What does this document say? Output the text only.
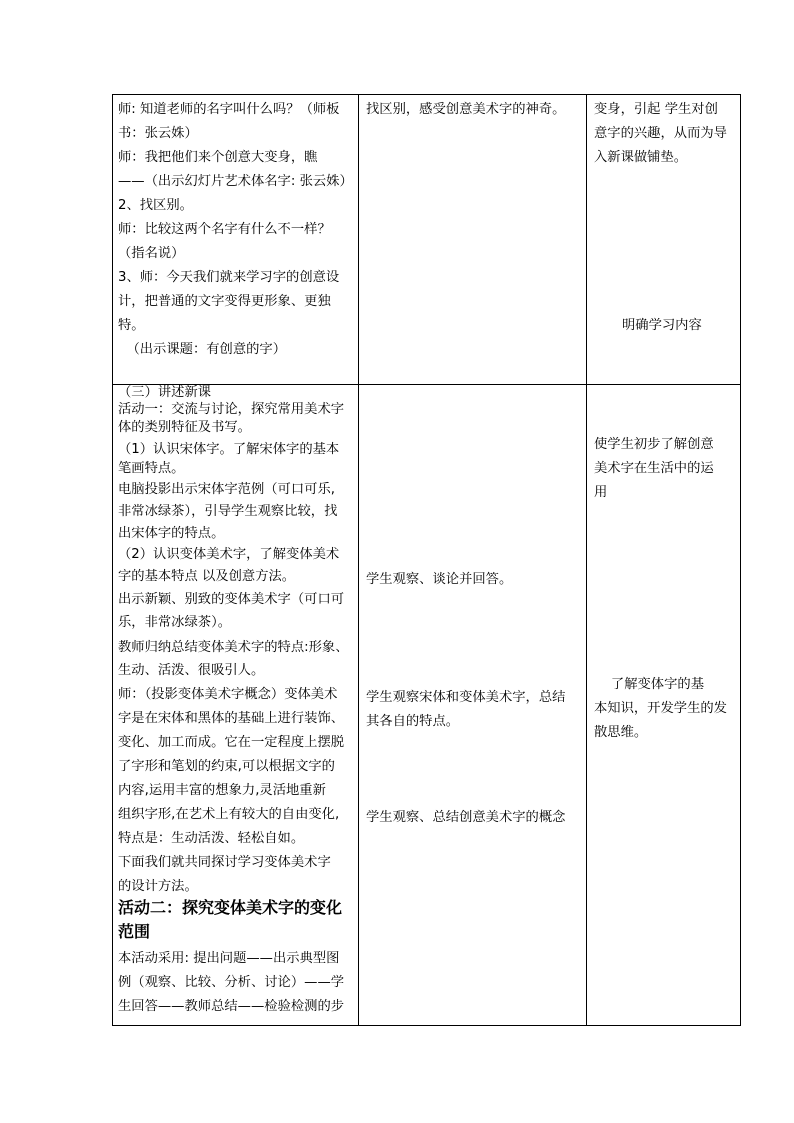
师: 知道老师的名字叫什么吗？（师板
书：张云姝）
师：我把他们来个创意大变身，瞧
——（出示幻灯片艺术体名字: 张云姝）
2、找区别。
师：比较这两个名字有什么不一样？
（指名说）
3、师：今天我们就来学习字的创意设
计，把普通的文字变得更形象、更独
特。
（出示课题：有创意的字）
找区别，感受创意美术字的神奇。 变身，引起 学生对创
意字的兴趣，从而为导
入新课做铺垫。
明确学习内容
（三）讲述新课
活动一：交流与讨论，探究常用美术字
体的类别特征及书写。
（1）认识宋体字。了解宋体字的基本
笔画特点。
电脑投影出示宋体字范例（可口可乐,
非常冰绿茶），引导学生观察比较，找
出宋体字的特点。
（2）认识变体美术字，了解变体美术
字的基本特点 以及创意方法。
出示新颖、别致的变体美术字（可口可
乐，非常冰绿茶）。
教师归纳总结变体美术字的特点:形象、
生动、活泼、很吸引人。
师：（投影变体美术字概念）变体美术
字是在宋体和黑体的基础上进行装饰、
变化、加工而成。它在一定程度上摆脱
了字形和笔划的约束,可以根据文字的
内容,运用丰富的想象力,灵活地重新
组织字形,在艺术上有较大的自由变化,
特点是：生动活泼、轻松自如。
下面我们就共同探讨学习变体美术字
的设计方法。
活动二：探究变体美术字的变化
范围
本活动采用: 提出问题——出示典型图
例（观察、比较、分析、讨论）——学
生回答——教师总结——检验检测的步
学生观察、谈论并回答。
学生观察宋体和变体美术字，总结
其各自的特点。
学生观察、总结创意美术字的概念
使学生初步了解创意
美术字在生活中的运
用
了解变体字的基
本知识，开发学生的发
散思维。
